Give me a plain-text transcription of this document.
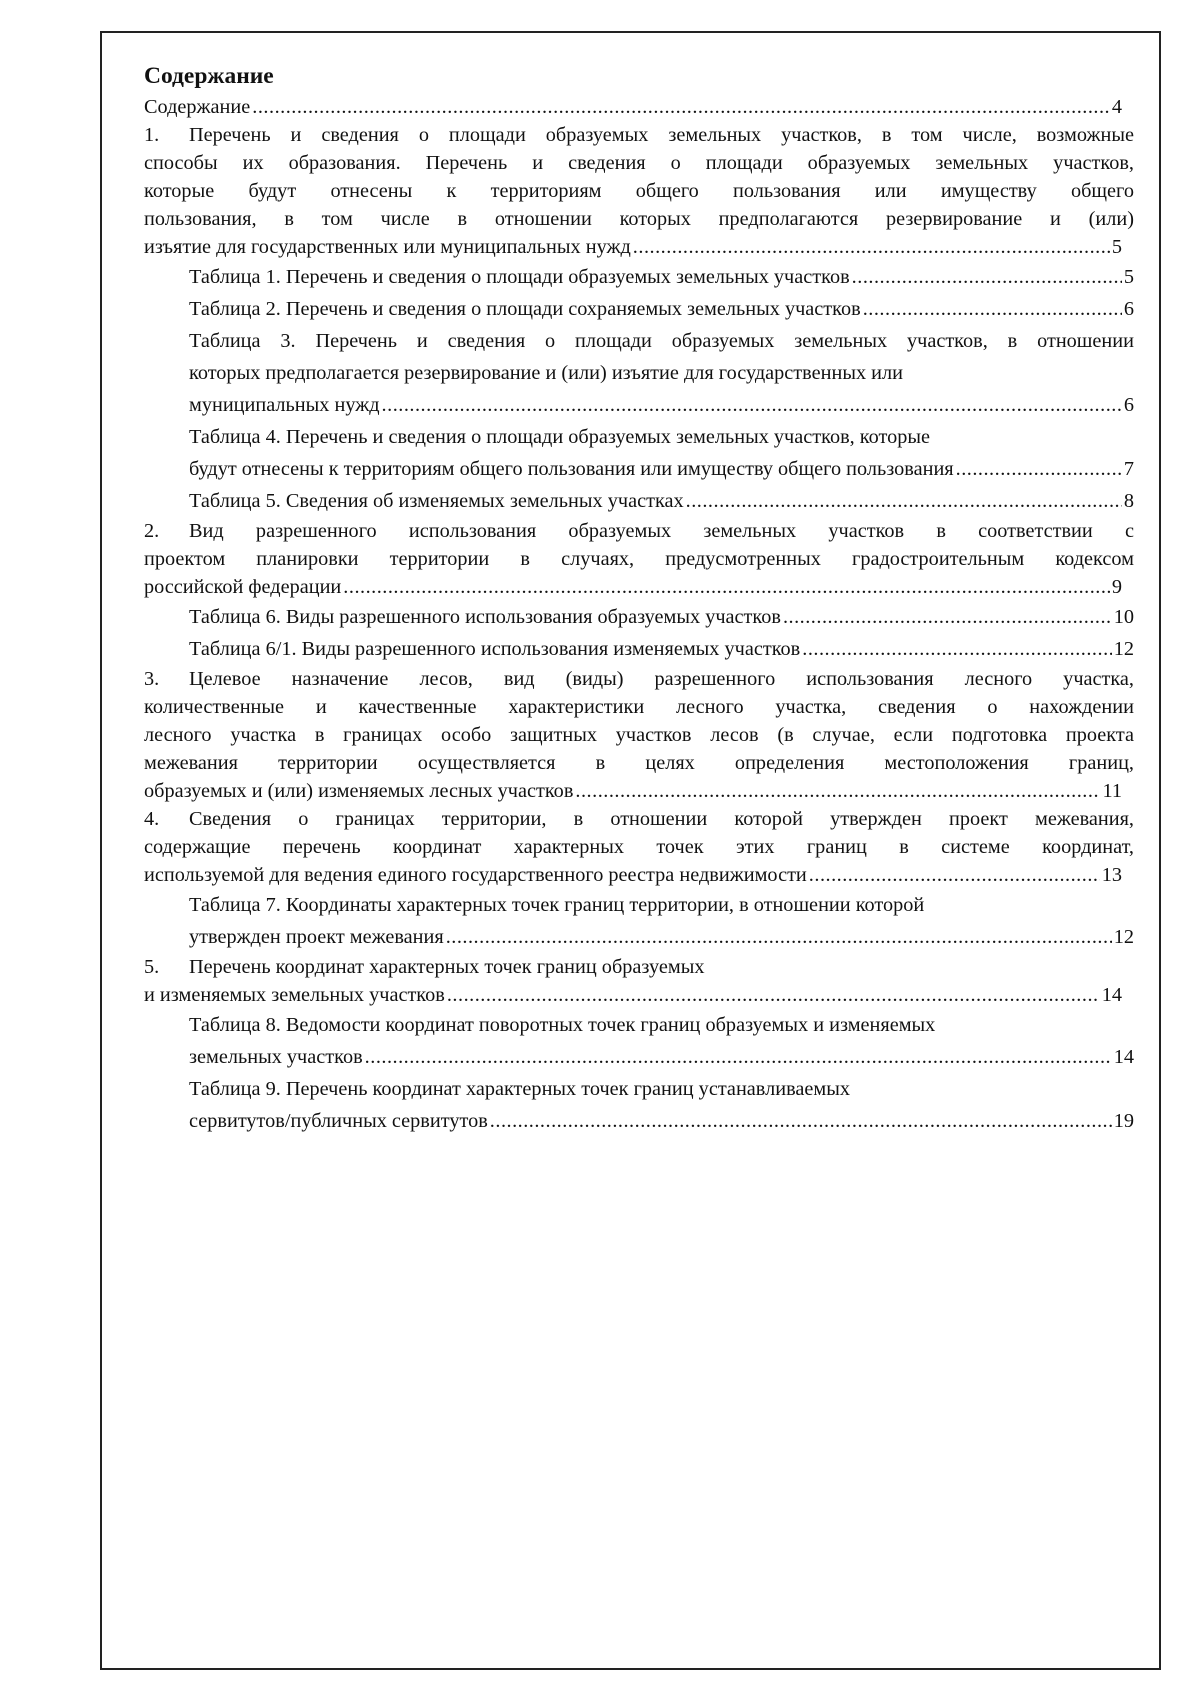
Содержание
Содержание .....	4
1. Перечень и сведения о площади образуемых земельных участков, в том числе, возможные
способы их образования. Перечень и сведения о площади образуемых земельных участков,
которые будут отнесены к территориям общего пользования или имуществу общего
пользования, в том числе в отношении которых предполагаются резервирование и (или)
изъятие для государственных или муниципальных нужд .....	5
Таблица 1. Перечень и сведения о площади образуемых земельных участков .....	5
Таблица 2. Перечень и сведения о площади сохраняемых земельных участков .....	6
Таблица 3. Перечень и сведения о площади образуемых земельных участков, в отношении
которых предполагается резервирование и (или) изъятие для государственных или
муниципальных нужд .....	6
Таблица 4. Перечень и сведения о площади образуемых земельных участков, которые
будут отнесены к территориям общего пользования или имуществу общего пользования .....	7
Таблица 5. Сведения об изменяемых земельных участках .....	8
2. Вид разрешенного использования образуемых земельных участков в соответствии с
проектом планировки территории в случаях, предусмотренных градостроительным кодексом
российской федерации .....	9
Таблица 6. Виды разрешенного использования образуемых участков .....	10
Таблица 6/1. Виды разрешенного использования изменяемых участков .....	12
3. Целевое назначение лесов, вид (виды) разрешенного использования лесного участка,
количественные и качественные характеристики лесного участка, сведения о нахождении
лесного участка в границах особо защитных участков лесов (в случае, если подготовка проекта
межевания территории осуществляется в целях определения местоположения границ,
образуемых и (или) изменяемых лесных участков .....	11
4. Сведения о границах территории, в отношении которой утвержден проект межевания,
содержащие перечень координат характерных точек этих границ в системе координат,
используемой для ведения единого государственного реестра недвижимости .....	13
Таблица 7. Координаты характерных точек границ территории, в отношении которой
утвержден проект межевания .....	12
5. Перечень координат характерных точек границ образуемых
и изменяемых земельных участков .....	14
Таблица 8. Ведомости координат поворотных точек границ образуемых и изменяемых
земельных участков .....	14
Таблица 9. Перечень координат характерных точек границ устанавливаемых
сервитутов/публичных сервитутов .....	19
